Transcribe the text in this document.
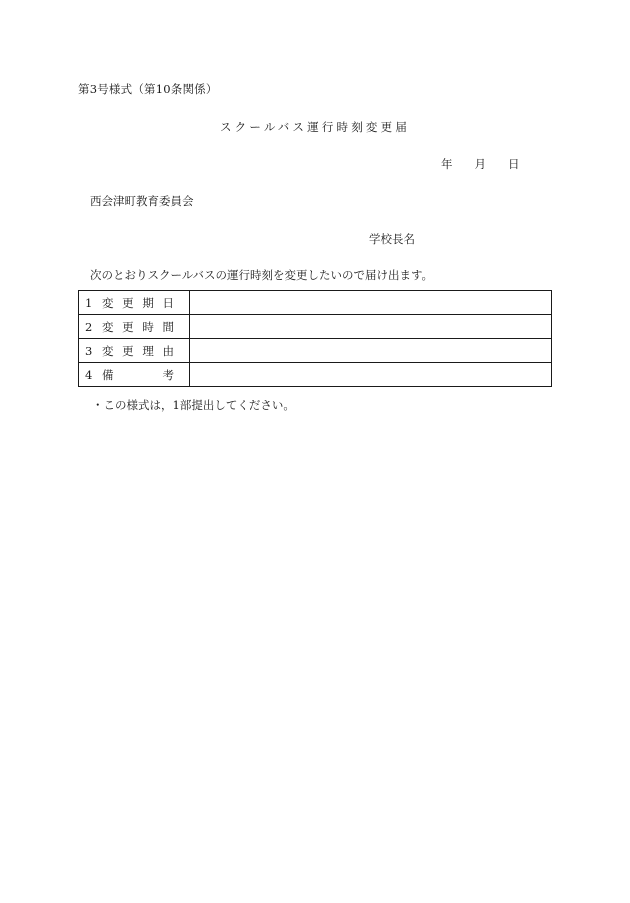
第3号様式（第10条関係）
スクールバス運行時刻変更届
年 月 日
西会津町教育委員会
学校長名
次のとおりスクールバスの運行時刻を変更したいので届け出ます。
1 変更期日	
2 変更時間	
3 変更理由	
4 備　　考	
・この様式は，1部提出してください。
